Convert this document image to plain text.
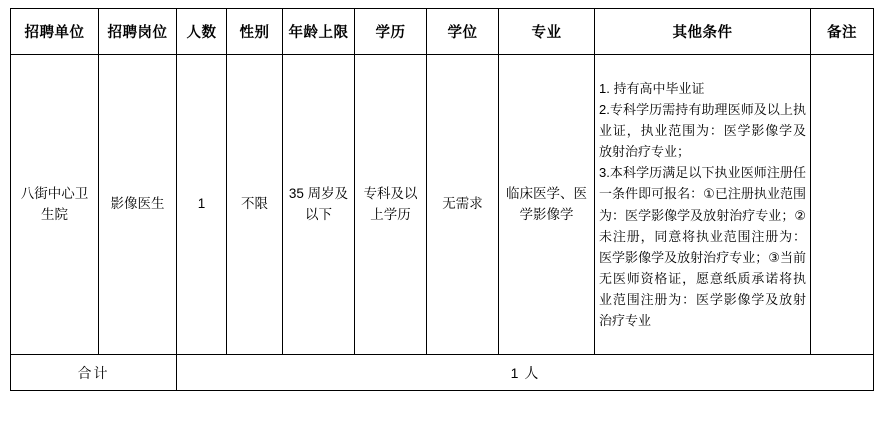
招聘单位	招聘岗位	人数	性别	年龄上限	学历	学位	专业	其他条件	备注
八街中心卫生院	影像医生	1	不限	35 周岁及以下	专科及以上学历	无需求	临床医学、医学影像学	1. 持有高中毕业证

2.专科学历需持有助理医师及以上执业证，执业范围为：医学影像学及放射治疗专业；

3.本科学历满足以下执业医师注册任一条件即可报名：①已注册执业范围为：医学影像学及放射治疗专业；②未注册，同意将执业范围注册为：医学影像学及放射治疗专业；③当前无医师资格证，愿意纸质承诺将执业范围注册为：医学影像学及放射治疗专业	

合计		1 人							
